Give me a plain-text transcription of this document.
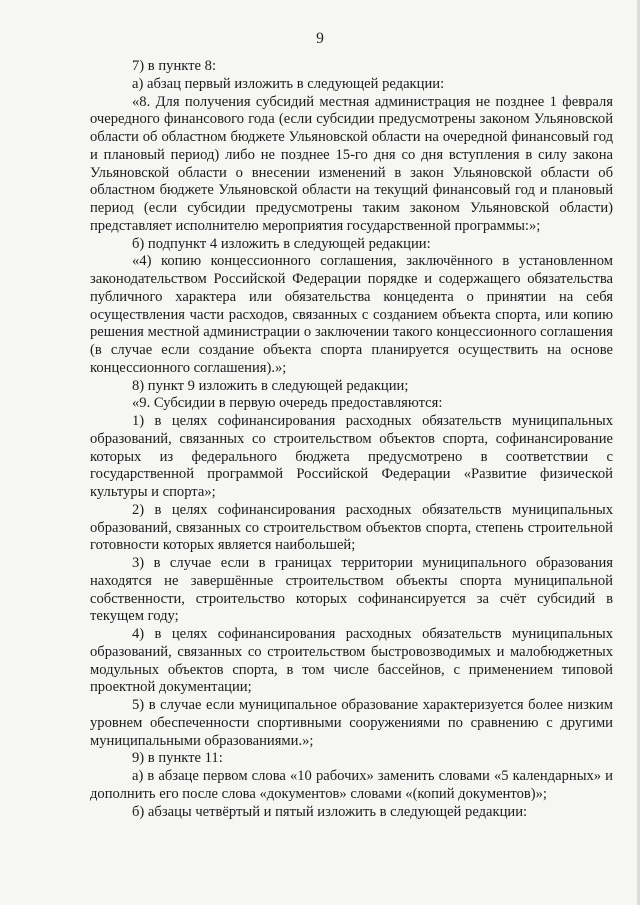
9

7) в пункте 8:

а) абзац первый изложить в следующей редакции:

«8. Для получения субсидий местная администрация не позднее 1 февраля очередного финансового года (если субсидии предусмотрены законом Ульяновской области об областном бюджете Ульяновской области на очередной финансовый год и плановый период) либо не позднее 15-го дня со дня вступления в силу закона Ульяновской области о внесении изменений в закон Ульяновской области об областном бюджете Ульяновской области на текущий финансовый год и плановый период (если субсидии предусмотрены таким законом Ульяновской области) представляет исполнителю мероприятия государственной программы:»;

б) подпункт 4 изложить в следующей редакции:

«4) копию концессионного соглашения, заключённого в установленном законодательством Российской Федерации порядке и содержащего обязательства публичного характера или обязательства концедента о принятии на себя осуществления части расходов, связанных с созданием объекта спорта, или копию решения местной администрации о заключении такого концессионного соглашения (в случае если создание объекта спорта планируется осуществить на основе концессионного соглашения).»;

8) пункт 9 изложить в следующей редакции;

«9. Субсидии в первую очередь предоставляются:

1) в целях софинансирования расходных обязательств муниципальных образований, связанных со строительством объектов спорта, софинансирование которых из федерального бюджета предусмотрено в соответствии с государственной программой Российской Федерации «Развитие физической культуры и спорта»;

2) в целях софинансирования расходных обязательств муниципальных образований, связанных со строительством объектов спорта, степень строительной готовности которых является наибольшей;

3) в случае если в границах территории муниципального образования находятся не завершённые строительством объекты спорта муниципальной собственности, строительство которых софинансируется за счёт субсидий в текущем году;

4) в целях софинансирования расходных обязательств муниципальных образований, связанных со строительством быстровозводимых и малобюджетных модульных объектов спорта, в том числе бассейнов, с применением типовой проектной документации;

5) в случае если муниципальное образование характеризуется более низким уровнем обеспеченности спортивными сооружениями по сравнению с другими муниципальными образованиями.»;

9) в пункте 11:

а) в абзаце первом слова «10 рабочих» заменить словами «5 календарных» и дополнить его после слова «документов» словами «(копий документов)»;

б) абзацы четвёртый и пятый изложить в следующей редакции:
